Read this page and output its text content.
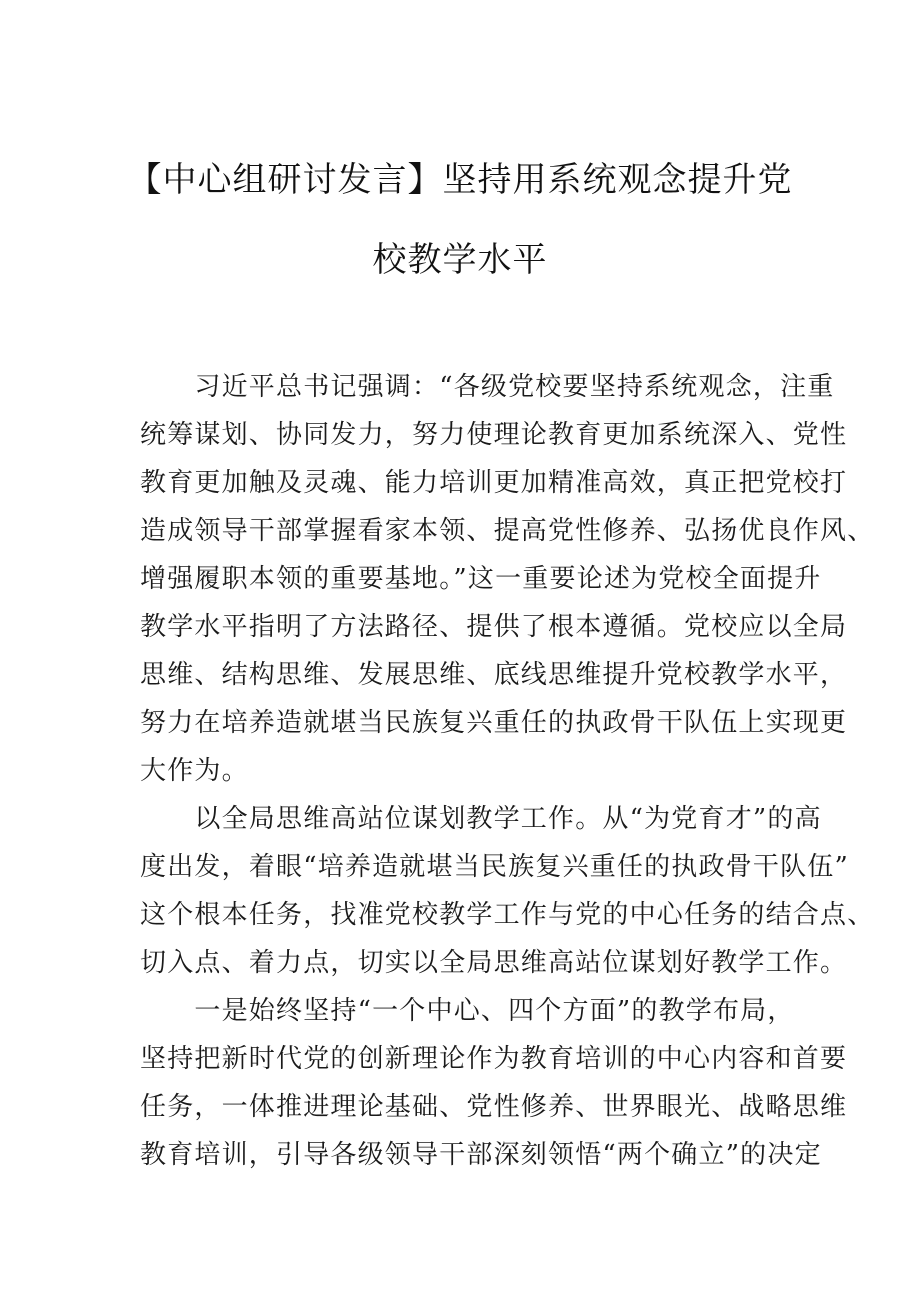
【中心组研讨发言】坚持用系统观念提升党
校教学水平
　　习近平总书记强调：“各级党校要坚持系统观念，注重
统筹谋划、协同发力，努力使理论教育更加系统深入、党性
教育更加触及灵魂、能力培训更加精准高效，真正把党校打
造成领导干部掌握看家本领、提高党性修养、弘扬优良作风、
增强履职本领的重要基地。”这一重要论述为党校全面提升
教学水平指明了方法路径、提供了根本遵循。党校应以全局
思维、结构思维、发展思维、底线思维提升党校教学水平，
努力在培养造就堪当民族复兴重任的执政骨干队伍上实现更
大作为。
　　以全局思维高站位谋划教学工作。从“为党育才”的高
度出发，着眼“培养造就堪当民族复兴重任的执政骨干队伍”
这个根本任务，找准党校教学工作与党的中心任务的结合点、
切入点、着力点，切实以全局思维高站位谋划好教学工作。
　　一是始终坚持“一个中心、四个方面”的教学布局，
坚持把新时代党的创新理论作为教育培训的中心内容和首要
任务，一体推进理论基础、党性修养、世界眼光、战略思维
教育培训，引导各级领导干部深刻领悟“两个确立”的决定
